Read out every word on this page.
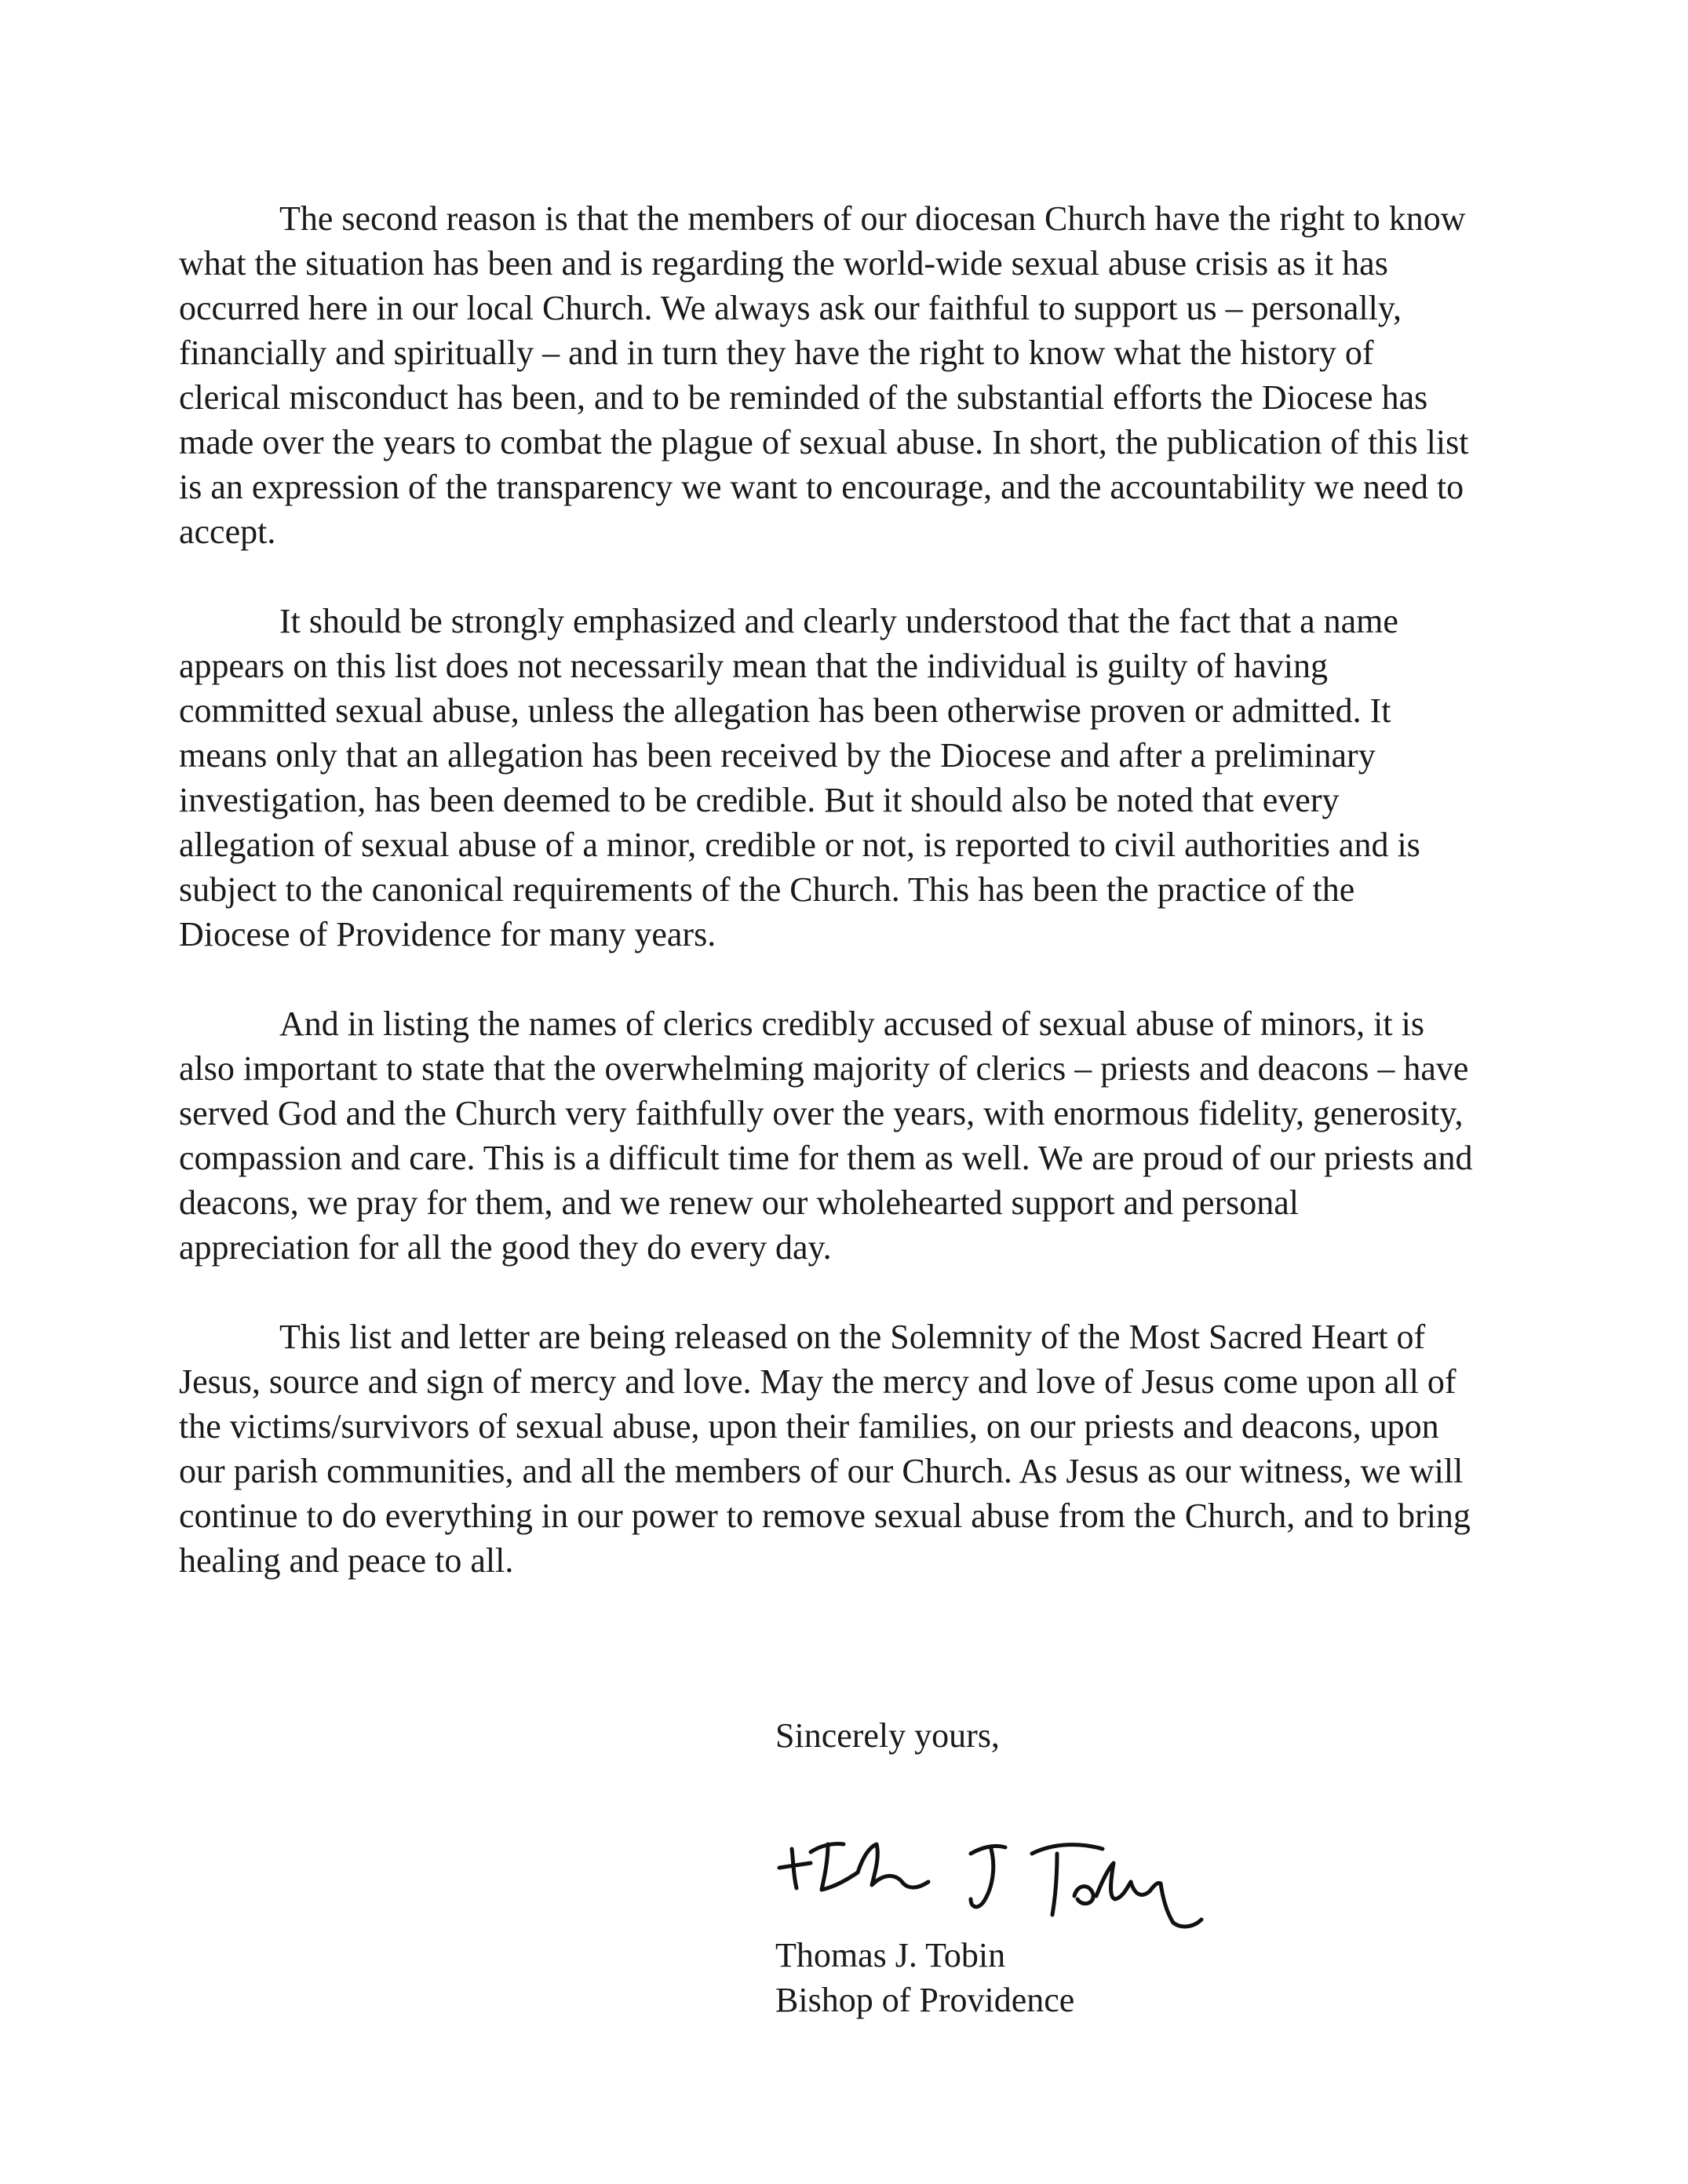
The second reason is that the members of our diocesan Church have the right to know what the situation has been and is regarding the world-wide sexual abuse crisis as it has occurred here in our local Church. We always ask our faithful to support us – personally, financially and spiritually – and in turn they have the right to know what the history of clerical misconduct has been, and to be reminded of the substantial efforts the Diocese has made over the years to combat the plague of sexual abuse. In short, the publication of this list is an expression of the transparency we want to encourage, and the accountability we need to accept.

It should be strongly emphasized and clearly understood that the fact that a name appears on this list does not necessarily mean that the individual is guilty of having committed sexual abuse, unless the allegation has been otherwise proven or admitted. It means only that an allegation has been received by the Diocese and after a preliminary investigation, has been deemed to be credible. But it should also be noted that every allegation of sexual abuse of a minor, credible or not, is reported to civil authorities and is subject to the canonical requirements of the Church. This has been the practice of the Diocese of Providence for many years.

And in listing the names of clerics credibly accused of sexual abuse of minors, it is also important to state that the overwhelming majority of clerics – priests and deacons – have served God and the Church very faithfully over the years, with enormous fidelity, generosity, compassion and care. This is a difficult time for them as well. We are proud of our priests and deacons, we pray for them, and we renew our wholehearted support and personal appreciation for all the good they do every day.

This list and letter are being released on the Solemnity of the Most Sacred Heart of Jesus, source and sign of mercy and love. May the mercy and love of Jesus come upon all of the victims/survivors of sexual abuse, upon their families, on our priests and deacons, upon our parish communities, and all the members of our Church. As Jesus as our witness, we will continue to do everything in our power to remove sexual abuse from the Church, and to bring healing and peace to all.

Sincerely yours,

Thomas J. Tobin

Bishop of Providence
